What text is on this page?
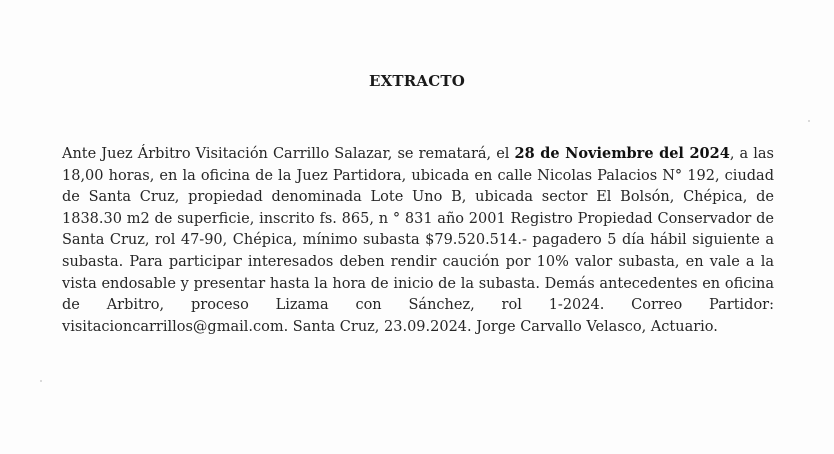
EXTRACTO

Ante Juez Árbitro Visitación Carrillo Salazar, se rematará, el 28 de Noviembre del 2024, a las 18,00 horas, en la oficina de la Juez Partidora, ubicada en calle Nicolas Palacios N° 192, ciudad de Santa Cruz, propiedad denominada Lote Uno B, ubicada sector El Bolsón, Chépica, de 1838.30 m2 de superficie, inscrito fs. 865, n ° 831 año 2001 Registro Propiedad Conservador de Santa Cruz, rol 47-90, Chépica, mínimo subasta $79.520.514.- pagadero 5 día hábil siguiente a subasta. Para participar interesados deben rendir caución por 10% valor subasta, en vale a la vista endosable y presentar hasta la hora de inicio de la subasta. Demás antecedentes en oficina de Arbitro, proceso Lizama con Sánchez, rol 1-2024. Correo Partidor: visitacioncarrillos@gmail.com. Santa Cruz, 23.09.2024. Jorge Carvallo Velasco, Actuario.
